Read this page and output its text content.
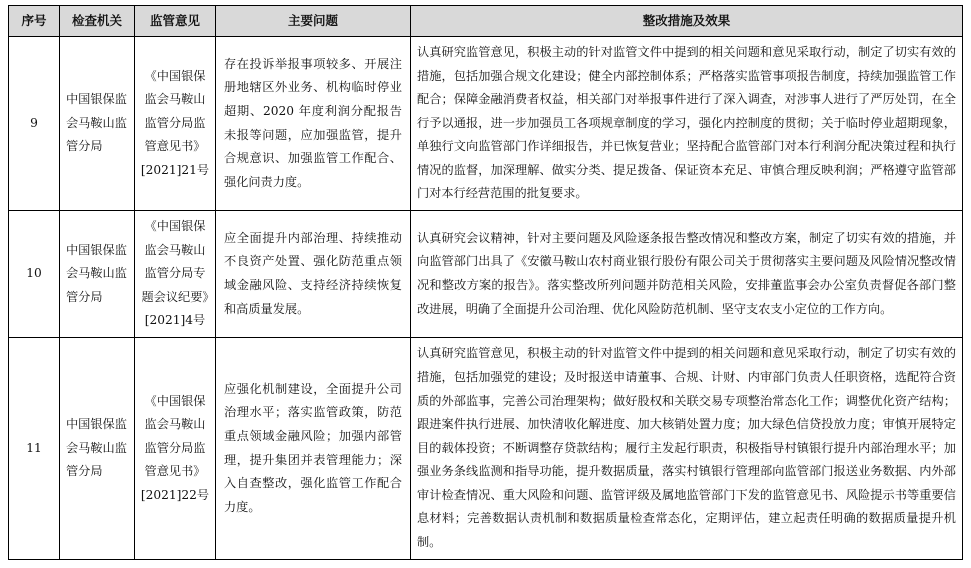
序号	检查机关	监管意见	主要问题	整改措施及效果
9	中国银保监会马鞍山监管分局	《中国银保监会马鞍山监管分局监管意见书》[2021]21号	存在投诉举报事项较多、开展注册地辖区外业务、机构临时停业超期、2020 年度利润分配报告未报等问题，应加强监管，提升合规意识、加强监管工作配合、强化问责力度。	认真研究监管意见，积极主动的针对监管文件中提到的相关问题和意见采取行动，制定了切实有效的措施，包括加强合规文化建设；健全内部控制体系；严格落实监管事项报告制度，持续加强监管工作配合；保障金融消费者权益，相关部门对举报事件进行了深入调查，对涉事人进行了严厉处罚，在全行予以通报，进一步加强员工各项规章制度的学习，强化内控制度的贯彻；关于临时停业超期现象，单独行文向监管部门作详细报告，并已恢复营业；坚持配合监管部门对本行利润分配决策过程和执行情况的监督，加深理解、做实分类、提足拨备、保证资本充足、审慎合理反映利润；严格遵守监管部门对本行经营范围的批复要求。
10	中国银保监会马鞍山监管分局	《中国银保监会马鞍山监管分局专题会议纪要》[2021]4号	应全面提升内部治理、持续推动不良资产处置、强化防范重点领域金融风险、支持经济持续恢复和高质量发展。	认真研究会议精神，针对主要问题及风险逐条报告整改情况和整改方案，制定了切实有效的措施，并向监管部门出具了《安徽马鞍山农村商业银行股份有限公司关于贯彻落实主要问题及风险情况整改情况和整改方案的报告》。落实整改所列问题并防范相关风险，安排董监事会办公室负责督促各部门整改进展，明确了全面提升公司治理、优化风险防范机制、坚守支农支小定位的工作方向。
11	中国银保监会马鞍山监管分局	《中国银保监会马鞍山监管分局监管意见书》[2021]22号	应强化机制建设，全面提升公司治理水平；落实监管政策，防范重点领域金融风险；加强内部管理，提升集团并表管理能力；深入自查整改，强化监管工作配合力度。	认真研究监管意见，积极主动的针对监管文件中提到的相关问题和意见采取行动，制定了切实有效的措施，包括加强党的建设；及时报送申请董事、合规、计财、内审部门负责人任职资格，选配符合资质的外部监事，完善公司治理架构；做好股权和关联交易专项整治常态化工作；调整优化资产结构；跟进案件执行进展、加快清收化解进度、加大核销处置力度；加大绿色信贷投放力度；审慎开展特定目的载体投资；不断调整存贷款结构；履行主发起行职责，积极指导村镇银行提升内部治理水平；加强业务条线监测和指导功能，提升数据质量，落实村镇银行管理部向监管部门报送业务数据、内外部审计检查情况、重大风险和问题、监管评级及属地监管部门下发的监管意见书、风险提示书等重要信息材料；完善数据认责机制和数据质量检查常态化，定期评估，建立起责任明确的数据质量提升机制。
